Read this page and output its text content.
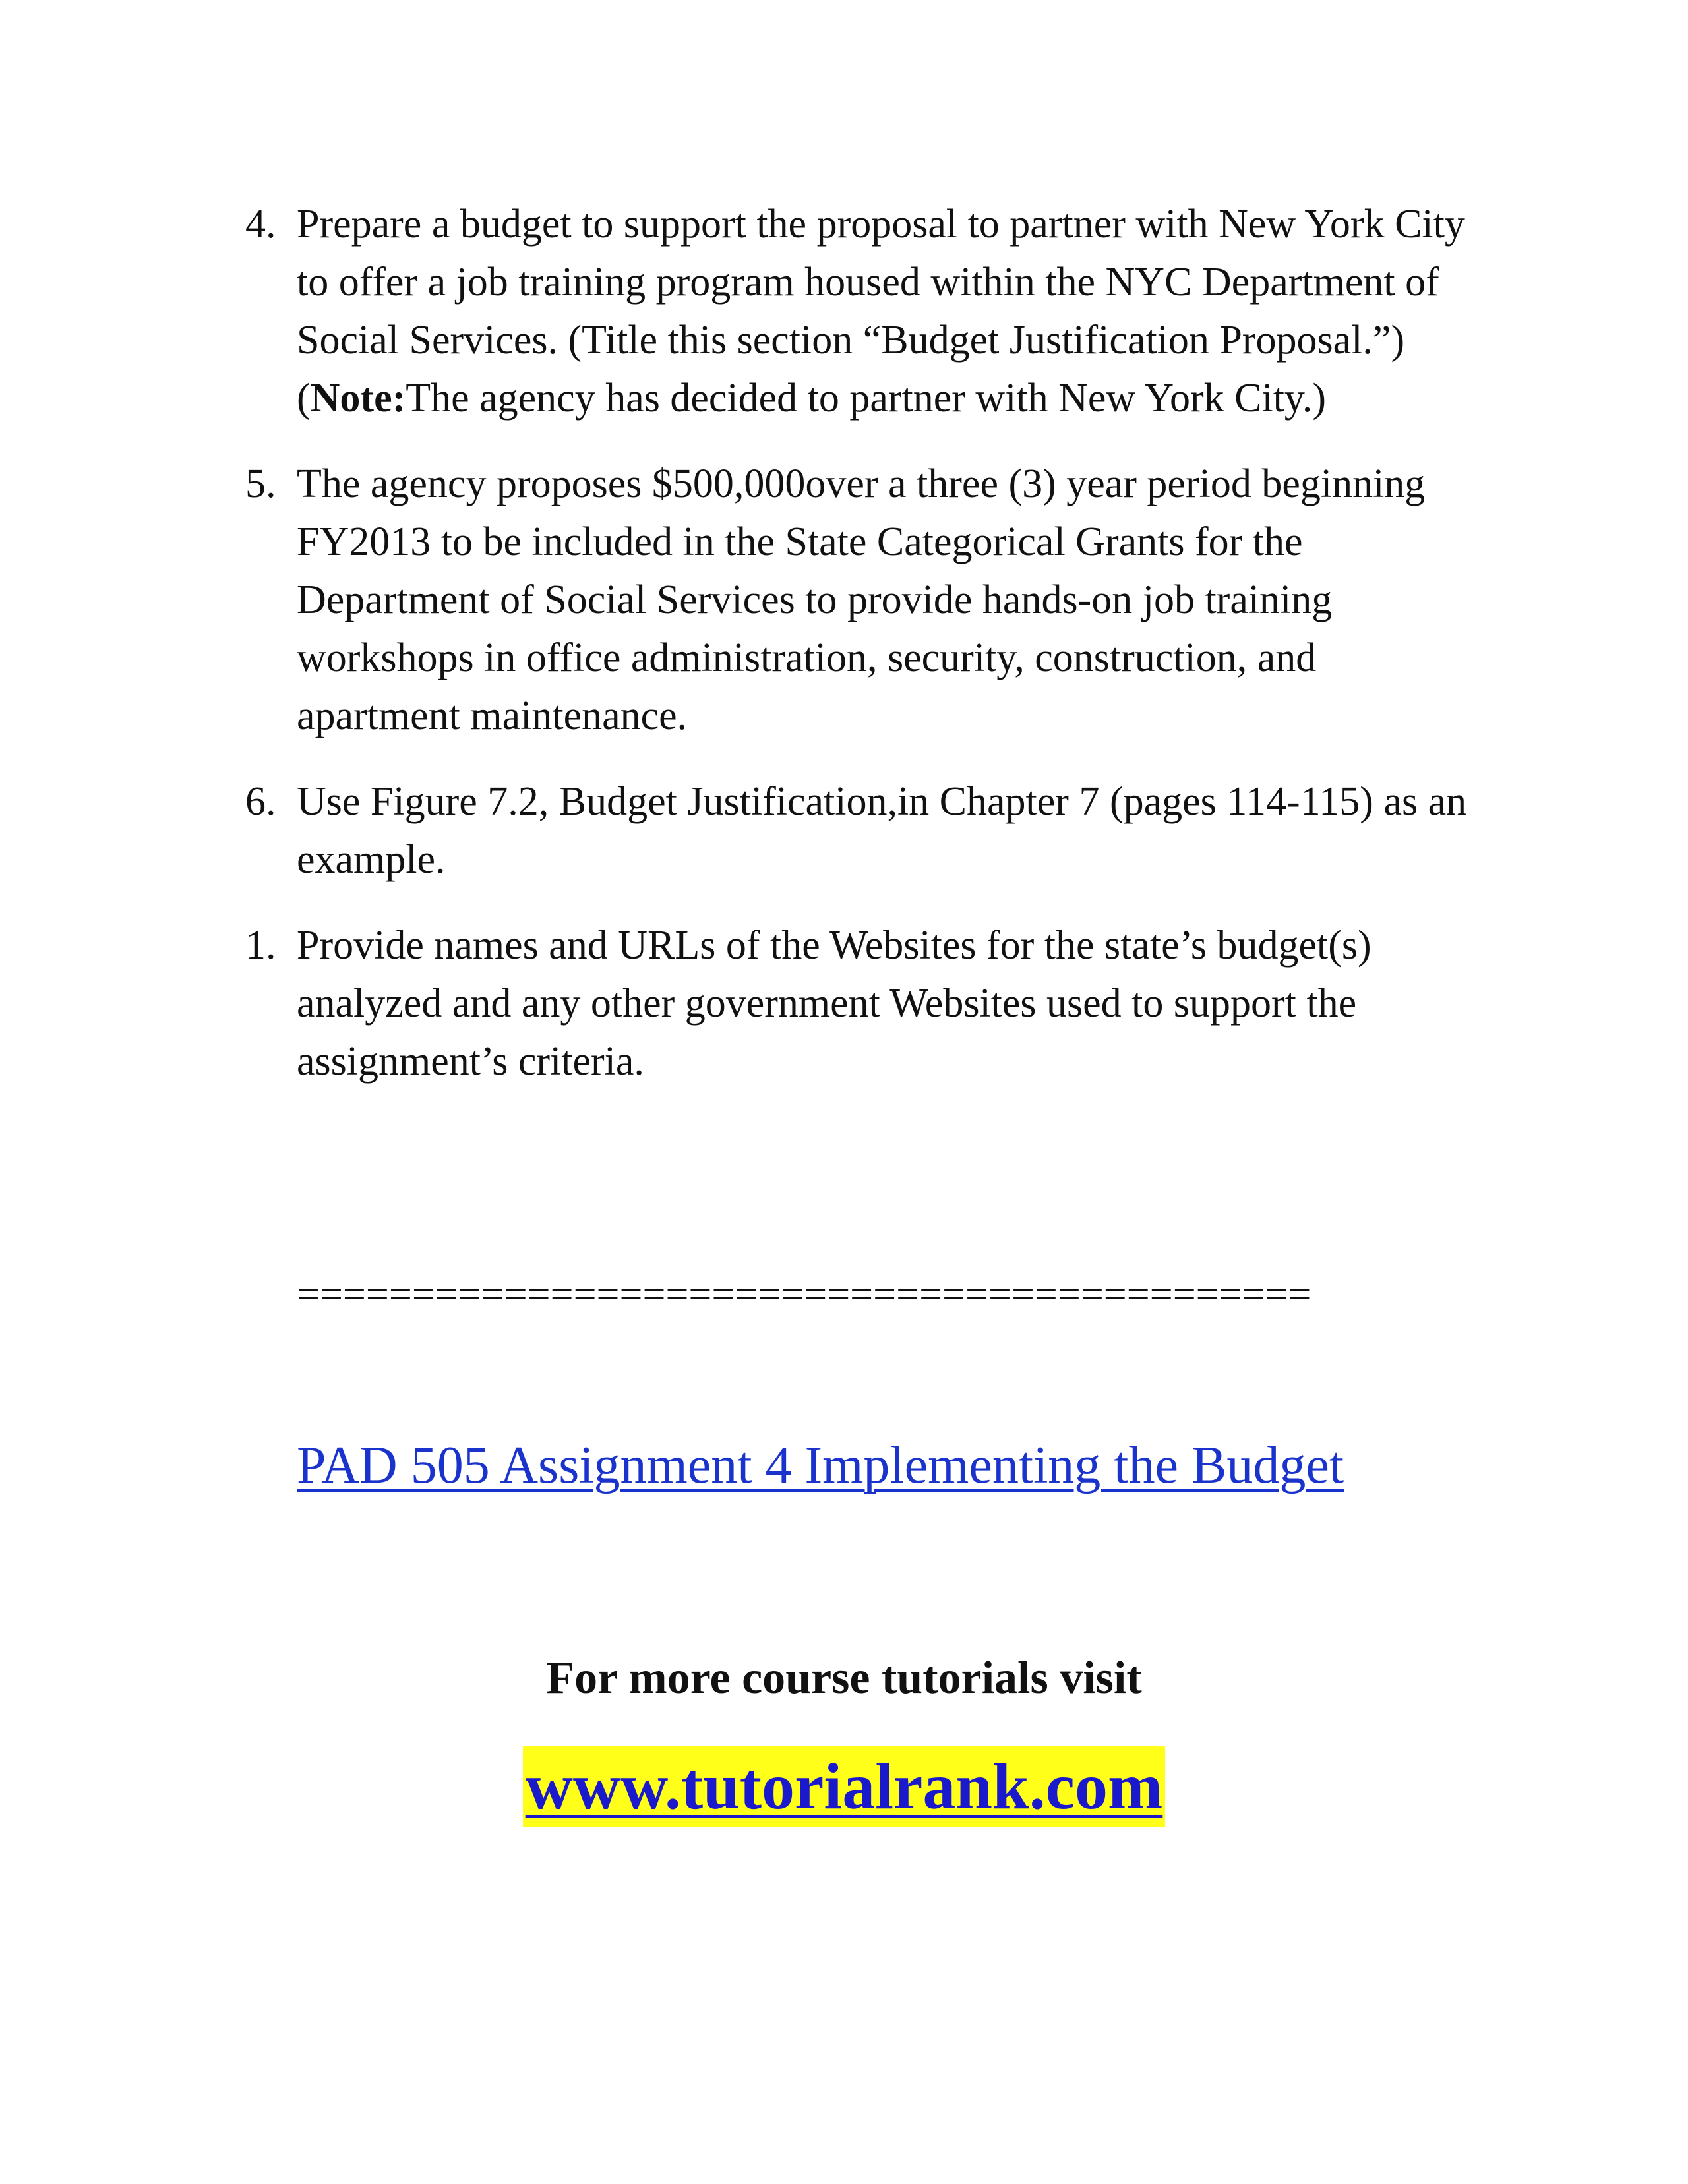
4. Prepare a budget to support the proposal to partner with New York City to offer a job training program housed within the NYC Department of Social Services. (Title this section “Budget Justification Proposal.”) (Note:The agency has decided to partner with New York City.)
5. The agency proposes $500,000over a three (3) year period beginning FY2013 to be included in the State Categorical Grants for the Department of Social Services to provide hands-on job training workshops in office administration, security, construction, and apartment maintenance.
6. Use Figure 7.2, Budget Justification,in Chapter 7 (pages 114-115) as an example.
1. Provide names and URLs of the Websites for the state’s budget(s) analyzed and any other government Websites used to support the assignment’s criteria.
============================================
PAD 505 Assignment 4 Implementing the Budget
For more course tutorials visit
www.tutorialrank.com
